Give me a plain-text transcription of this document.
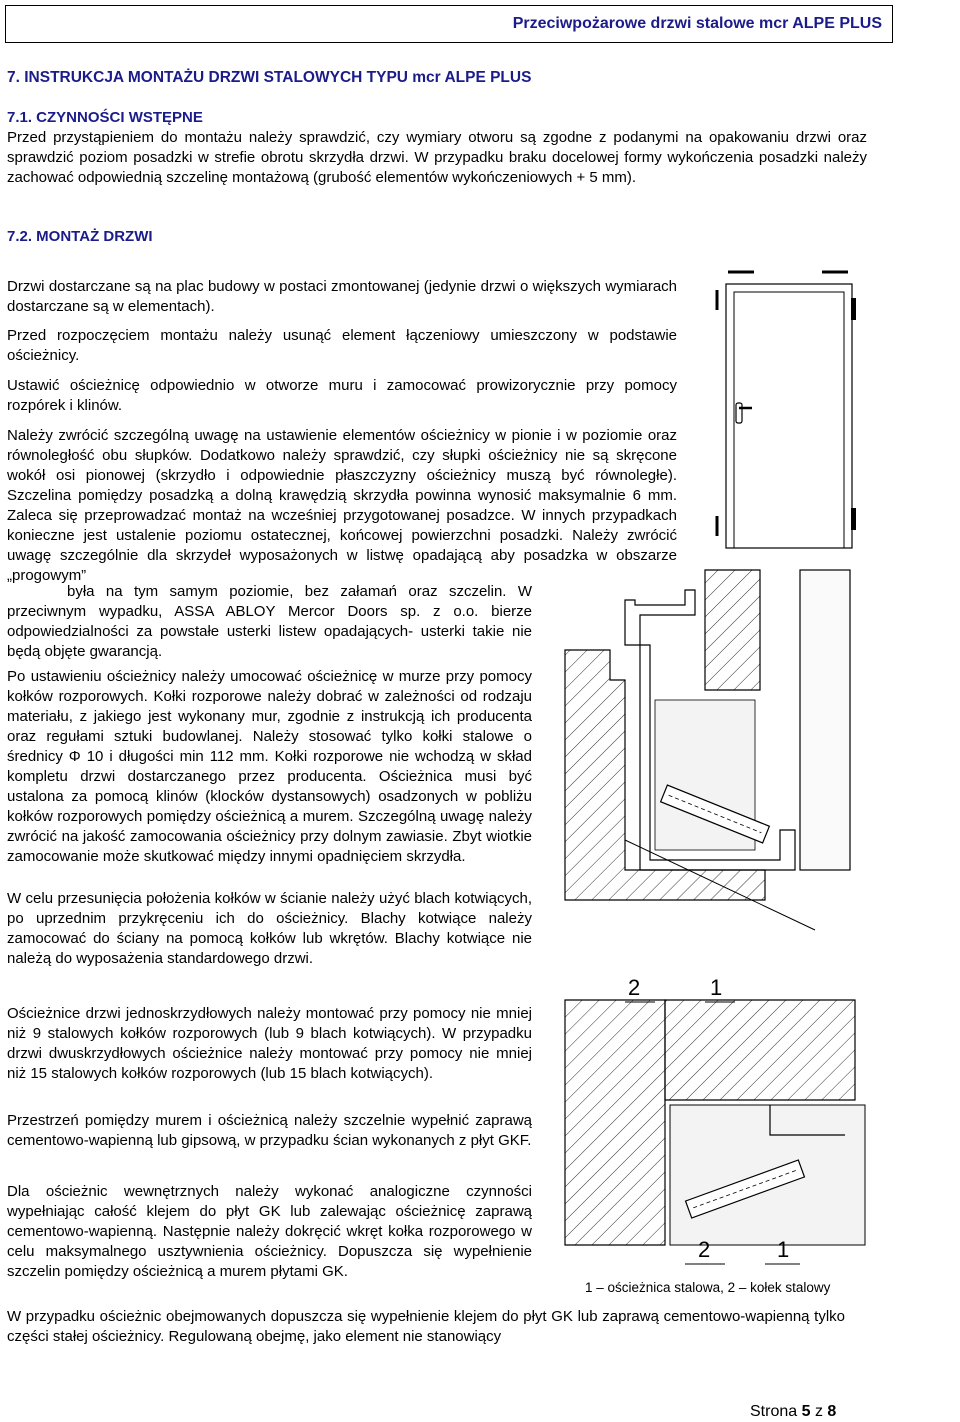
Przeciwpożarowe drzwi stalowe mcr ALPE PLUS
7. INSTRUKCJA MONTAŻU DRZWI STALOWYCH TYPU mcr ALPE PLUS
7.1. CZYNNOŚCI WSTĘPNE

Przed przystąpieniem do montażu należy sprawdzić, czy wymiary otworu są zgodne z podanymi na opakowaniu drzwi oraz sprawdzić poziom posadzki w strefie obrotu skrzydła drzwi. W przypadku braku docelowej formy wykończenia posadzki należy zachować odpowiednią szczelinę montażową (grubość elementów wykończeniowych + 5 mm).

7.2. MONTAŻ DRZWI

Drzwi dostarczane są na plac budowy w postaci zmontowanej (jedynie drzwi o większych wymiarach dostarczane są w elementach).

Przed rozpoczęciem montażu należy usunąć element łączeniowy umieszczony w podstawie ościeżnicy.

Ustawić ościeżnicę odpowiednio w otworze muru i zamocować prowizorycznie przy pomocy rozpórek i klinów.

Należy zwrócić szczególną uwagę na ustawienie elementów ościeżnicy w pionie i w poziomie oraz równoległość obu słupków. Dodatkowo należy sprawdzić, czy słupki ościeżnicy nie są skręcone wokół osi pionowej (skrzydło i odpowiednie płaszczyzny ościeżnicy muszą być równoległe). Szczelina pomiędzy posadzką a dolną krawędzią skrzydła powinna wynosić maksymalnie 6 mm. Zaleca się przeprowadzać montaż na wcześniej przygotowanej posadzce. W innych przypadkach konieczne jest ustalenie poziomu ostatecznej, końcowej powierzchni posadzki. Należy zwrócić uwagę szczególnie dla skrzydeł wyposażonych w listwę opadającą aby posadzka w obszarze „progowym”

była na tym samym poziomie, bez załamań oraz szczelin. W przeciwnym wypadku, ASSA ABLOY Mercor Doors sp. z o.o. bierze odpowiedzialności za powstałe usterki listew opadających- usterki takie nie będą objęte gwarancją.

Po ustawieniu ościeżnicy należy umocować ościeżnicę w murze przy pomocy kołków rozporowych. Kołki rozporowe należy dobrać w zależności od rodzaju materiału, z jakiego jest wykonany mur, zgodnie z instrukcją ich producenta oraz regułami sztuki budowlanej. Należy stosować tylko kołki stalowe o średnicy Φ 10 i długości min 112 mm. Kołki rozporowe nie wchodzą w skład kompletu drzwi dostarczanego przez producenta. Ościeżnica musi być ustalona za pomocą klinów (klocków dystansowych) osadzonych w pobliżu kołków rozporowych pomiędzy ościeżnicą a murem. Szczególną uwagę należy zwrócić na jakość zamocowania ościeżnicy przy dolnym zawiasie. Zbyt wiotkie zamocowanie może skutkować między innymi opadnięciem skrzydła.

W celu przesunięcia położenia kołków w ścianie należy użyć blach kotwiących, po uprzednim przykręceniu ich do ościeżnicy. Blachy kotwiące należy zamocować do ściany na pomocą kołków lub wkrętów. Blachy kotwiące nie należą do wyposażenia standardowego drzwi.

Ościeżnice drzwi jednoskrzydłowych należy montować przy pomocy nie mniej niż 9 stalowych kołków rozporowych (lub 9 blach kotwiących). W przypadku drzwi dwuskrzydłowych ościeżnice należy montować przy pomocy nie mniej niż 15 stalowych kołków rozporowych (lub 15 blach kotwiących).

Przestrzeń pomiędzy murem i ościeżnicą należy szczelnie wypełnić zaprawą cementowo-wapienną lub gipsową, w przypadku ścian wykonanych z płyt GKF.

Dla ościeżnic wewnętrznych należy wykonać analogiczne czynności wypełniając całość klejem do płyt GK lub zalewając ościeżnicę zaprawą cementowo-wapienną. Następnie należy dokręcić wkręt kołka rozporowego w celu maksymalnego usztywnienia ościeżnicy. Dopuszcza się wypełnienie szczelin pomiędzy ościeżnicą a murem płytami GK.

W przypadku ościeżnic obejmowanych dopuszcza się wypełnienie klejem do płyt GK lub zaprawą cementowo-wapienną tylko części stałej ościeżnicy. Regulowaną obejmę, jako element nie stanowiący

2	1
2	1
1 – ościeżnica stalowa, 2 – kołek stalowy
Strona 5 z 8
